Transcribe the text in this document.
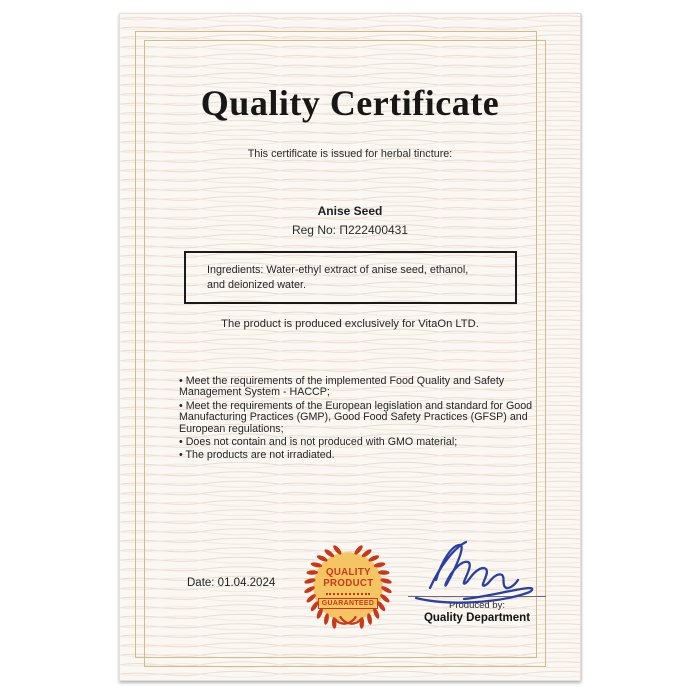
Quality Certificate
This certificate is issued for herbal tincture:
Anise Seed
Reg No: П222400431
Ingredients: Water-ethyl extract of anise seed, ethanol, and deionized water.
The product is produced exclusively for VitaOn LTD.
• Meet the requirements of the implemented Food Quality and Safety Management System - HACCP;
• Meet the requirements of the European legislation and standard for Good Manufacturing Practices (GMP), Good Food Safety Practices (GFSP) and European regulations;
• Does not contain and is not produced with GMO material;
• The products are not irradiated.
Date: 01.04.2024
QUALITY
PRODUCT
GUARANTEED	Produced by:
Quality Department
